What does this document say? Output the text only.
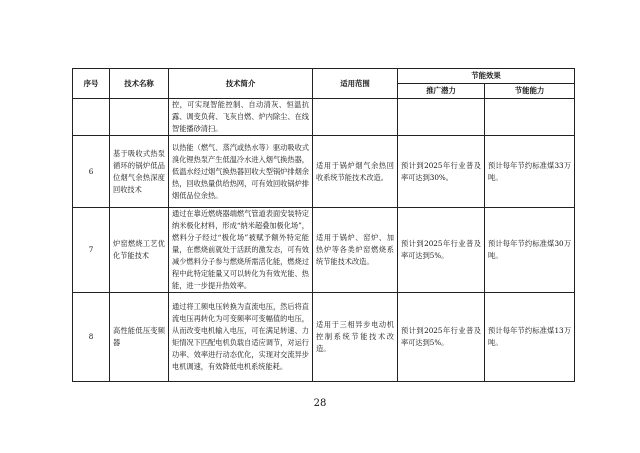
序号	技术名称	技术简介	适用范围	节能效果	
				推广潜力	节能能力
		控，可实现智能控制、自动清灰、恒温抗露、调变负荷、飞灰自燃、炉内除尘、在线智能播砂清扫。			
6	基于吸收式热泵循环的锅炉低品位烟气余热深度回收技术	以热能（燃气、蒸汽或热水等）驱动吸收式溴化锂热泵产生低温冷水进入烟气换热器，低温水经过烟气换热器回收大型锅炉排烟余热，回收热量供给热网，可有效回收锅炉排烟低品位余热。	适用于锅炉烟气余热回收系统节能技术改造。	预计到2025年行业普及率可达到30%。	预计每年节约标准煤33万吨。
7	炉窑燃烧工艺优化节能技术	通过在靠近燃烧器端燃气管道表面安装特定纳米极化材料，形成“纳米超叠加极化场”，燃料分子经过“极化场”被赋予额外特定能量，在燃烧前就处于活跃的激发态，可有效减少燃料分子参与燃烧所需活化能，燃烧过程中此特定能量又可以转化为有效光能、热能，进一步提升热效率。	适用于锅炉、窑炉、加热炉等各类炉窑燃烧系统节能技术改造。	预计到2025年行业普及率可达到5%。	预计每年节约标准煤30万吨。
8	高性能低压变频器	通过将工频电压转换为直流电压，然后将直流电压再转化为可变频率可变幅值的电压，从而改变电机输入电压，可在满足转速、力矩情况下匹配电机负载自适应调节，对运行功率、效率进行动态优化，实现对交流异步电机调速，有效降低电机系统能耗。	适用于三相异步电动机控制系统节能技术改造。	预计到2025年行业普及率可达到5%。	预计每年节约标准煤13万吨。
28
